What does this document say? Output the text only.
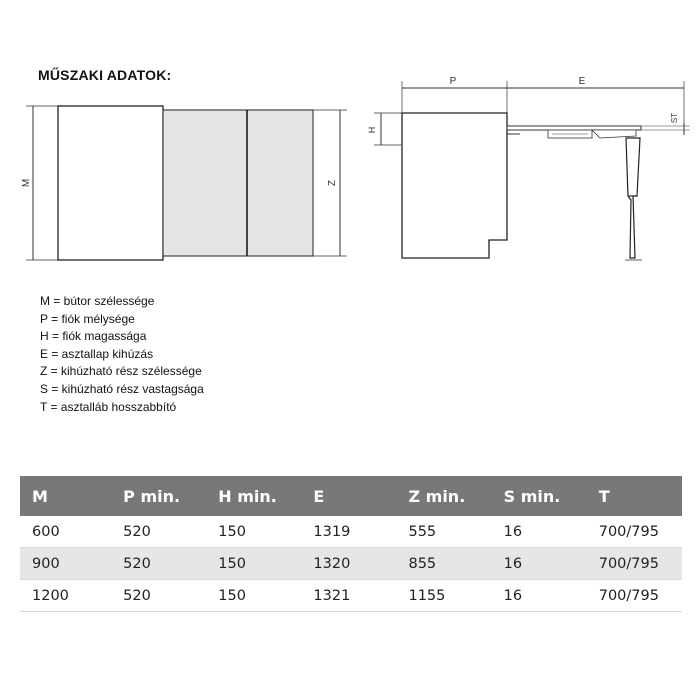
MŰSZAKI ADATOK:
M	Z
P	E
H
ST
M = bútor szélessége
P = fiók mélysége
H = fiók magassága
E = asztallap kihúzás
Z = kihúzható rész szélessége
S = kihúzható rész vastagsága
T = asztalláb hosszabbító
M	P min.	H min.	E	Z min.	S min.	T
600	520	150	1319	555	16	700/795
900	520	150	1320	855	16	700/795
1200	520	150	1321	1155	16	700/795
